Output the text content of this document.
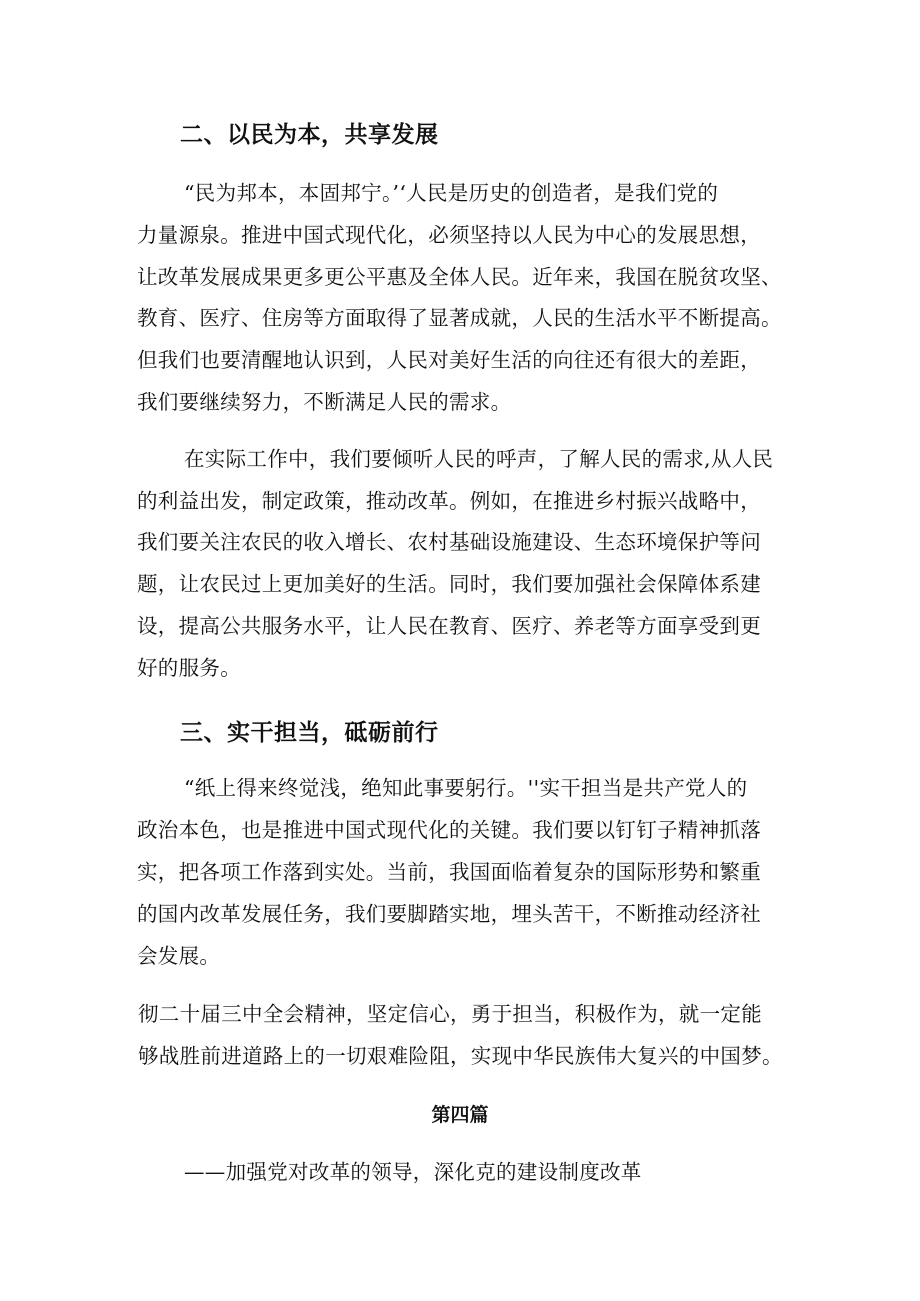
二、以民为本，共享发展
“民为邦本，本固邦宁。’‘人民是历史的创造者，是我们党的
力量源泉。推进中国式现代化，必须坚持以人民为中心的发展思想，
让改革发展成果更多更公平惠及全体人民。近年来，我国在脱贫攻坚、
教育、医疗、住房等方面取得了显著成就，人民的生活水平不断提高。
但我们也要清醒地认识到，人民对美好生活的向往还有很大的差距，
我们要继续努力，不断满足人民的需求。
在实际工作中，我们要倾听人民的呼声，了解人民的需求,从人民
的利益出发，制定政策，推动改革。例如，在推进乡村振兴战略中，
我们要关注农民的收入增长、农村基础设施建设、生态环境保护等问
题，让农民过上更加美好的生活。同时，我们要加强社会保障体系建
设，提高公共服务水平，让人民在教育、医疗、养老等方面享受到更
好的服务。
三、实干担当，砥砺前行
“纸上得来终觉浅，绝知此事要躬行。''实干担当是共产党人的
政治本色，也是推进中国式现代化的关键。我们要以钉钉子精神抓落
实，把各项工作落到实处。当前，我国面临着复杂的国际形势和繁重
的国内改革发展任务，我们要脚踏实地，埋头苦干，不断推动经济社
会发展。
彻二十届三中全会精神，坚定信心，勇于担当，积极作为，就一定能
够战胜前进道路上的一切艰难险阻，实现中华民族伟大复兴的中国梦。
第四篇
——加强党对改革的领导，深化克的建设制度改革
